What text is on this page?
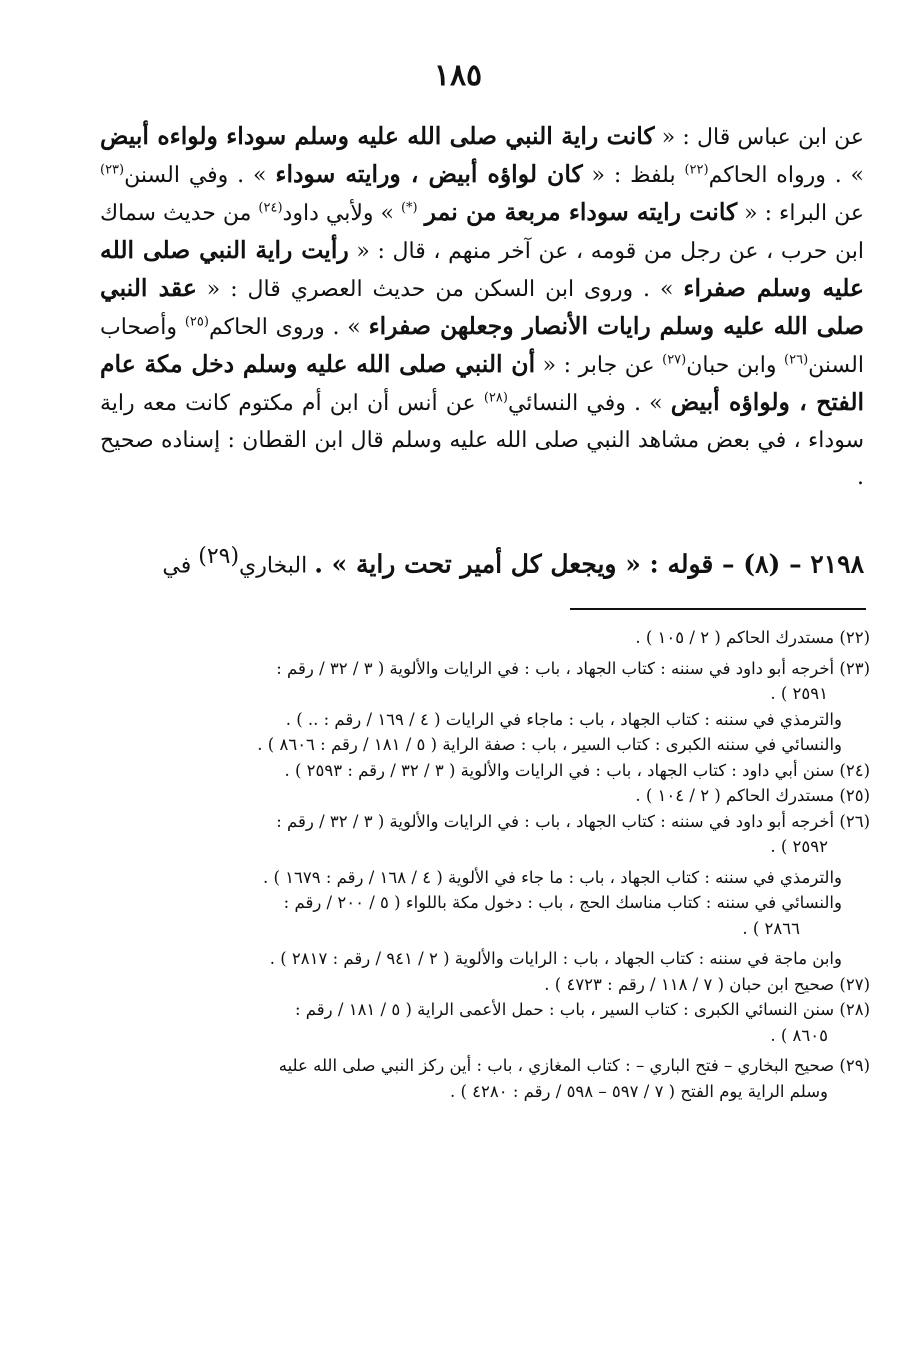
١٨٥

عن ابن عباس قال : « كانت راية النبي صلى الله عليه وسلم سوداء ولواءه أبيض » . ورواه الحاكم$^{(٢٢)}$ بلفظ : « كان لواؤه أبيض ، ورايته سوداء » . وفي السنن$^{(٢٣)}$ عن البراء : « كانت رايته سوداء مربعة من نمر (*) » ولأبي داود$^{(٢٤)}$ من حديث سماك ابن حرب ، عن رجل من قومه ، عن آخر منهم ، قال : « رأيت راية النبي صلى الله عليه وسلم صفراء » . وروى ابن السكن من حديث العصري قال : « عقد النبي صلى الله عليه وسلم رايات الأنصار وجعلهن صفراء » . وروى الحاكم$^{(٢٥)}$ وأصحاب السنن$^{(٢٦)}$ وابن حبان$^{(٢٧)}$ عن جابر : « أن النبي صلى الله عليه وسلم دخل مكة عام الفتح ، ولواؤه أبيض » . وفي النسائي$^{(٢٨)}$ عن أنس أن ابن أم مكتوم كانت معه راية سوداء ، في بعض مشاهد النبي صلى الله عليه وسلم قال ابن القطان : إسناده صحيح .

٢١٩٨ – (٨) – قوله : « ويجعل كل أمير تحت راية » . البخاري$^{(٢٩)}$ في

(٢٢) مستدرك الحاكم ( ٢ / ١٠٥ ) .

(٢٣) أخرجه أبو داود في سننه : كتاب الجهاد ، باب : في الرايات والألوية ( ٣ / ٣٢ / رقم :
٢٥٩١ ) .

والترمذي في سننه : كتاب الجهاد ، باب : ماجاء في الرايات ( ٤ / ١٦٩ / رقم : .. ) .

والنسائي في سننه الكبرى : كتاب السير ، باب : صفة الراية ( ٥ / ١٨١ / رقم : ٨٦٠٦ ) .

(٢٤) سنن أبي داود : كتاب الجهاد ، باب : في الرايات والألوية ( ٣ / ٣٢ / رقم : ٢٥٩٣ ) .

(٢٥) مستدرك الحاكم ( ٢ / ١٠٤ ) .

(٢٦) أخرجه أبو داود في سننه : كتاب الجهاد ، باب : في الرايات والألوية ( ٣ / ٣٢ / رقم :
٢٥٩٢ ) .

والترمذي في سننه : كتاب الجهاد ، باب : ما جاء في الألوية ( ٤ / ١٦٨ / رقم : ١٦٧٩ ) .

والنسائي في سننه : كتاب مناسك الحج ، باب : دخول مكة باللواء ( ٥ / ٢٠٠ / رقم :
٢٨٦٦ ) .

وابن ماجة في سننه : كتاب الجهاد ، باب : الرايات والألوية ( ٢ / ٩٤١ / رقم : ٢٨١٧ ) .

(٢٧) صحيح ابن حبان ( ٧ / ١١٨ / رقم : ٤٧٢٣ ) .

(٢٨) سنن النسائي الكبرى : كتاب السير ، باب : حمل الأعمى الراية ( ٥ / ١٨١ / رقم :
٨٦٠٥ ) .

(٢٩) صحيح البخاري – فتح الباري – : كتاب المغازي ، باب : أين ركز النبي صلى الله عليه
وسلم الراية يوم الفتح ( ٧ / ٥٩٧ – ٥٩٨ / رقم : ٤٢٨٠ ) .
